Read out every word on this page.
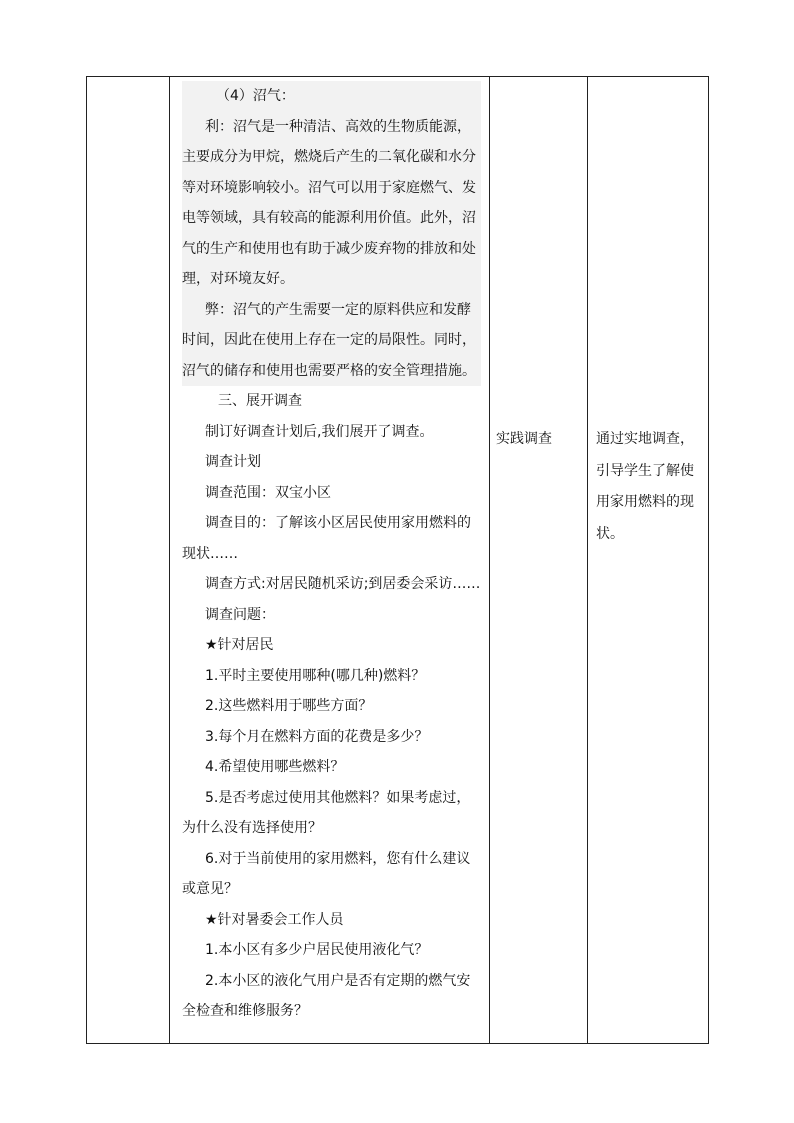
（4）沼气：

利：沼气是一种清洁、高效的生物质能源，主要成分为甲烷，燃烧后产生的二氧化碳和水分等对环境影响较小。沼气可以用于家庭燃气、发电等领域，具有较高的能源利用价值。此外，沼气的生产和使用也有助于减少废弃物的排放和处理，对环境友好。

弊：沼气的产生需要一定的原料供应和发酵时间，因此在使用上存在一定的局限性。同时，沼气的储存和使用也需要严格的安全管理措施。

三、展开调查

制订好调查计划后,我们展开了调查。

调查计划

调查范围：双宝小区

调查目的：了解该小区居民使用家用燃料的现状……

调查方式:对居民随机采访;到居委会采访……

调查问题：

★针对居民

1.平时主要使用哪种(哪几种)燃料？

2.这些燃料用于哪些方面？

3.每个月在燃料方面的花费是多少？

4.希望使用哪些燃料？

5.是否考虑过使用其他燃料？如果考虑过，为什么没有选择使用？

6.对于当前使用的家用燃料，您有什么建议或意见？

★针对暑委会工作人员

1.本小区有多少户居民使用液化气？

2.本小区的液化气用户是否有定期的燃气安全检查和维修服务？

实践调查	通过实地调查，引导学生了解使用家用燃料的现状。
